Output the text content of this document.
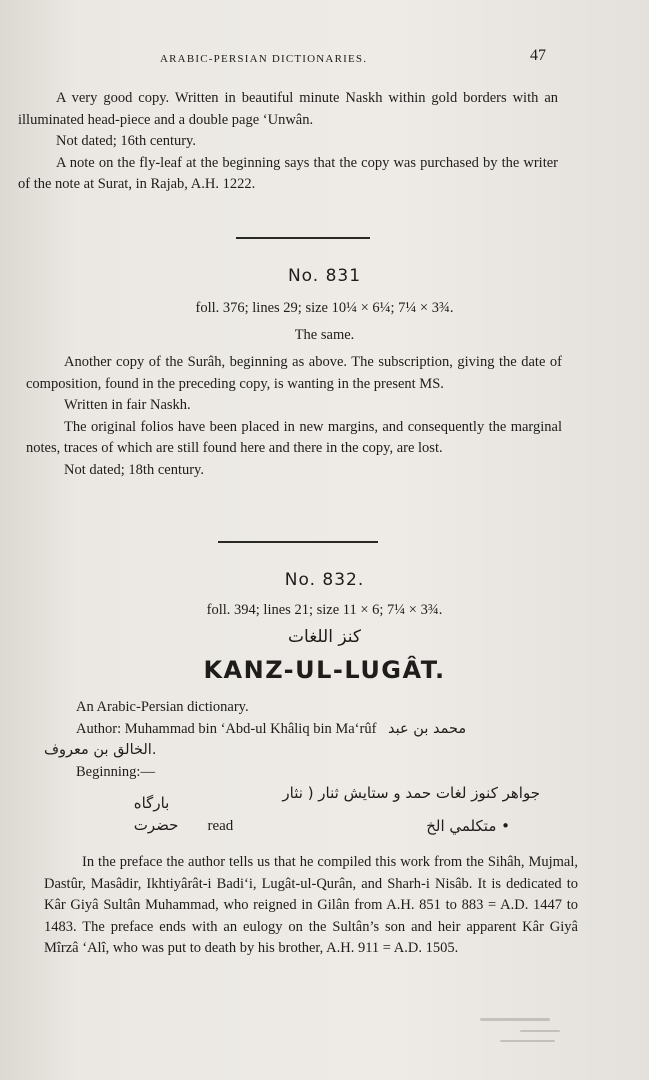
ARABIC-PERSIAN DICTIONARIES.	47

A very good copy. Written in beautiful minute Naskh within gold borders with an illuminated head-piece and a double page ‘Unwân.

Not dated; 16th century.

A note on the fly-leaf at the beginning says that the copy was purchased by the writer of the note at Surat, in Rajab, A.H. 1222.

No. 831
foll. 376; lines 29; size 10¼ × 6¼; 7¼ × 3¾.
The same.

Another copy of the Surâh, beginning as above. The subscription, giving the date of composition, found in the preceding copy, is wanting in the present MS.

Written in fair Naskh.

The original folios have been placed in new margins, and consequently the marginal notes, traces of which are still found here and there in the copy, are lost.

Not dated; 18th century.

No. 832.
foll. 394; lines 21; size 11 × 6; 7¼ × 3¾.
كنز اللغات
KANZ-UL-LUGÂT.

An Arabic-Persian dictionary.

Author: Muhammad bin ‘Abd-ul Khâliq bin Ma‘rûf محمد بن عبد

الخالق بن معروف.

Beginning:—

جواهر كنوز لغات حمد و ستايش ثنار ( نثار
بارگاه حضرت read	متكلمي الخ •

In the preface the author tells us that he compiled this work from the Sihâh, Mujmal, Dastûr, Masâdir, Ikhtiyârât-i Badi‘i, Lugât-ul-Qurân, and Sharh-i Nisâb. It is dedicated to Kâr Giyâ Sultân Muhammad, who reigned in Gilân from A.H. 851 to 883 = A.D. 1447 to 1483. The preface ends with an eulogy on the Sultân’s son and heir apparent Kâr Giyâ Mîrzâ ‘Alî, who was put to death by his brother, A.H. 911 = A.D. 1505.
